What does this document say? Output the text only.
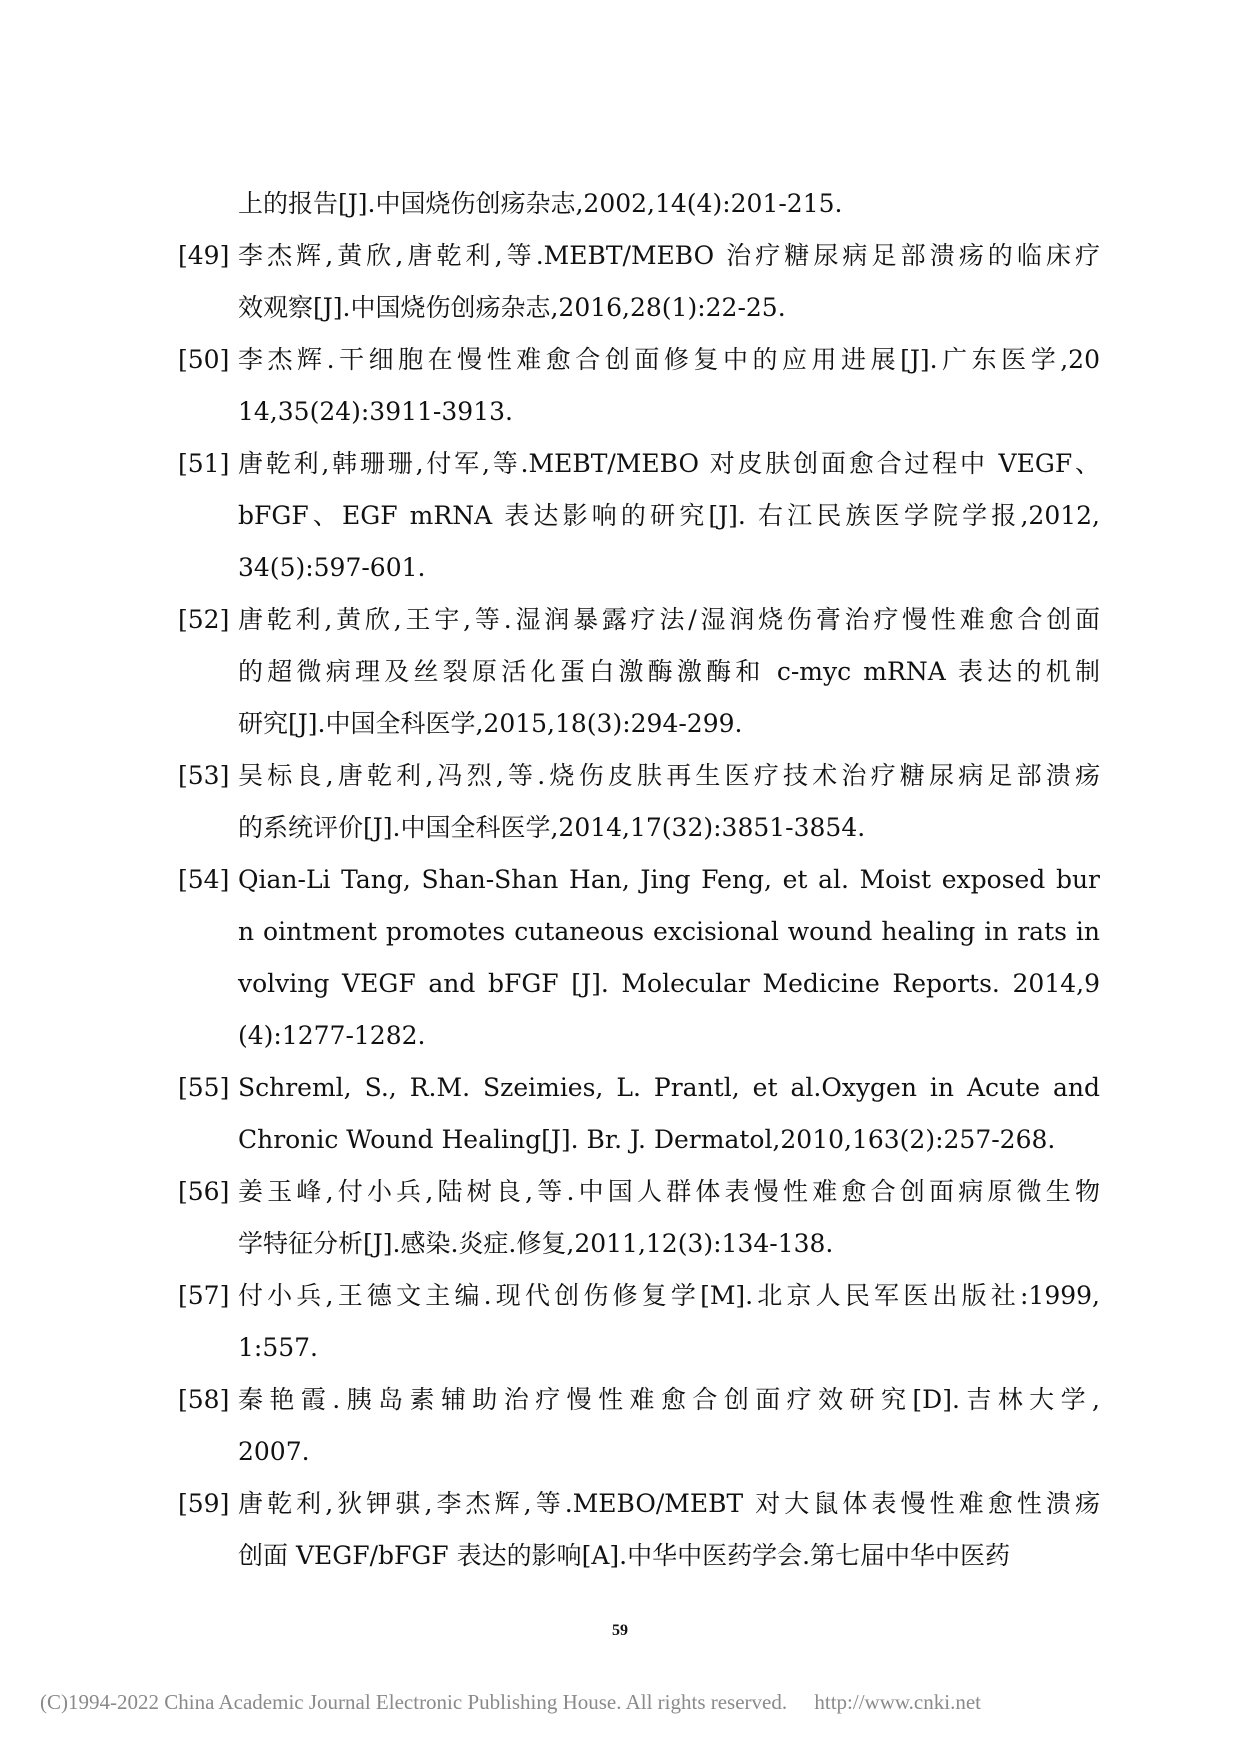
上的报告[J].中国烧伤创疡杂志,2002,14(4):201-215.
[49] 李杰辉,黄欣,唐乾利,等.MEBT/MEBO 治疗糖尿病足部溃疡的临床疗
效观察[J].中国烧伤创疡杂志,2016,28(1):22-25.
[50] 李杰辉.干细胞在慢性难愈合创面修复中的应用进展[J].广东医学,20
14,35(24):3911-3913.
[51] 唐乾利,韩珊珊,付军,等.MEBT/MEBO 对皮肤创面愈合过程中 VEGF、
bFGF、EGF mRNA 表达影响的研究[J]. 右江民族医学院学报,2012,
34(5):597-601.
[52] 唐乾利,黄欣,王宇,等.湿润暴露疗法/湿润烧伤膏治疗慢性难愈合创面
的超微病理及丝裂原活化蛋白激酶激酶和 c-myc mRNA 表达的机制
研究[J].中国全科医学,2015,18(3):294-299.
[53] 吴标良,唐乾利,冯烈,等.烧伤皮肤再生医疗技术治疗糖尿病足部溃疡
的系统评价[J].中国全科医学,2014,17(32):3851-3854.
[54] Qian-Li Tang, Shan-Shan Han, Jing Feng, et al. Moist exposed bur
n ointment promotes cutaneous excisional wound healing in rats in
volving VEGF and bFGF [J]. Molecular Medicine Reports. 2014,9
(4):1277-1282.
[55] Schreml, S., R.M. Szeimies, L. Prantl, et al.Oxygen in Acute and
Chronic Wound Healing[J]. Br. J. Dermatol,2010,163(2):257-268.
[56] 姜玉峰,付小兵,陆树良,等.中国人群体表慢性难愈合创面病原微生物
学特征分析[J].感染.炎症.修复,2011,12(3):134-138.
[57] 付小兵,王德文主编.现代创伤修复学[M].北京人民军医出版社:1999,
1:557.
[58] 秦艳霞.胰岛素辅助治疗慢性难愈合创面疗效研究[D].吉林大学,
2007.
[59] 唐乾利,狄钾骐,李杰辉,等.MEBO/MEBT 对大鼠体表慢性难愈性溃疡
创面 VEGF/bFGF 表达的影响[A].中华中医药学会.第七届中华中医药
59
(C)1994-2022 China Academic Journal Electronic Publishing House. All rights reserved. http://www.cnki.net
